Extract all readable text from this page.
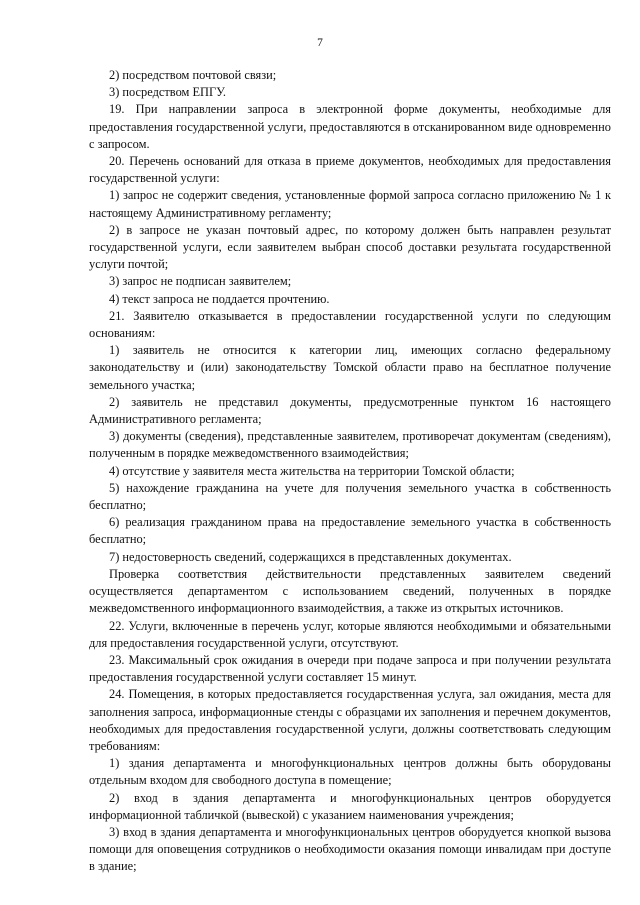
7

2) посредством почтовой связи;

3) посредством ЕПГУ.

19. При направлении запроса в электронной форме документы, необходимые для предоставления государственной услуги, предоставляются в отсканированном виде одновременно с запросом.

20. Перечень оснований для отказа в приеме документов, необходимых для предоставления государственной услуги:

1) запрос не содержит сведения, установленные формой запроса согласно приложению № 1 к настоящему Административному регламенту;

2) в запросе не указан почтовый адрес, по которому должен быть направлен результат государственной услуги, если заявителем выбран способ доставки результата государственной услуги почтой;

3) запрос не подписан заявителем;

4) текст запроса не поддается прочтению.

21. Заявителю отказывается в предоставлении государственной услуги по следующим основаниям:

1) заявитель не относится к категории лиц, имеющих согласно федеральному законодательству и (или) законодательству Томской области право на бесплатное получение земельного участка;

2) заявитель не представил документы, предусмотренные пунктом 16 настоящего Административного регламента;

3) документы (сведения), представленные заявителем, противоречат документам (сведениям), полученным в порядке межведомственного взаимодействия;

4) отсутствие у заявителя места жительства на территории Томской области;

5) нахождение гражданина на учете для получения земельного участка в собственность бесплатно;

6) реализация гражданином права на предоставление земельного участка в собственность бесплатно;

7) недостоверность сведений, содержащихся в представленных документах.

Проверка соответствия действительности представленных заявителем сведений осуществляется департаментом с использованием сведений, полученных в порядке межведомственного информационного взаимодействия, а также из открытых источников.

22. Услуги, включенные в перечень услуг, которые являются необходимыми и обязательными для предоставления государственной услуги, отсутствуют.

23. Максимальный срок ожидания в очереди при подаче запроса и при получении результата предоставления государственной услуги составляет 15 минут.

24. Помещения, в которых предоставляется государственная услуга, зал ожидания, места для заполнения запроса, информационные стенды с образцами их заполнения и перечнем документов, необходимых для предоставления государственной услуги, должны соответствовать следующим требованиям:

1) здания департамента и многофункциональных центров должны быть оборудованы отдельным входом для свободного доступа в помещение;

2) вход в здания департамента и многофункциональных центров оборудуется информационной табличкой (вывеской) с указанием наименования учреждения;

3) вход в здания департамента и многофункциональных центров оборудуется кнопкой вызова помощи для оповещения сотрудников о необходимости оказания помощи инвалидам при доступе в здание;
